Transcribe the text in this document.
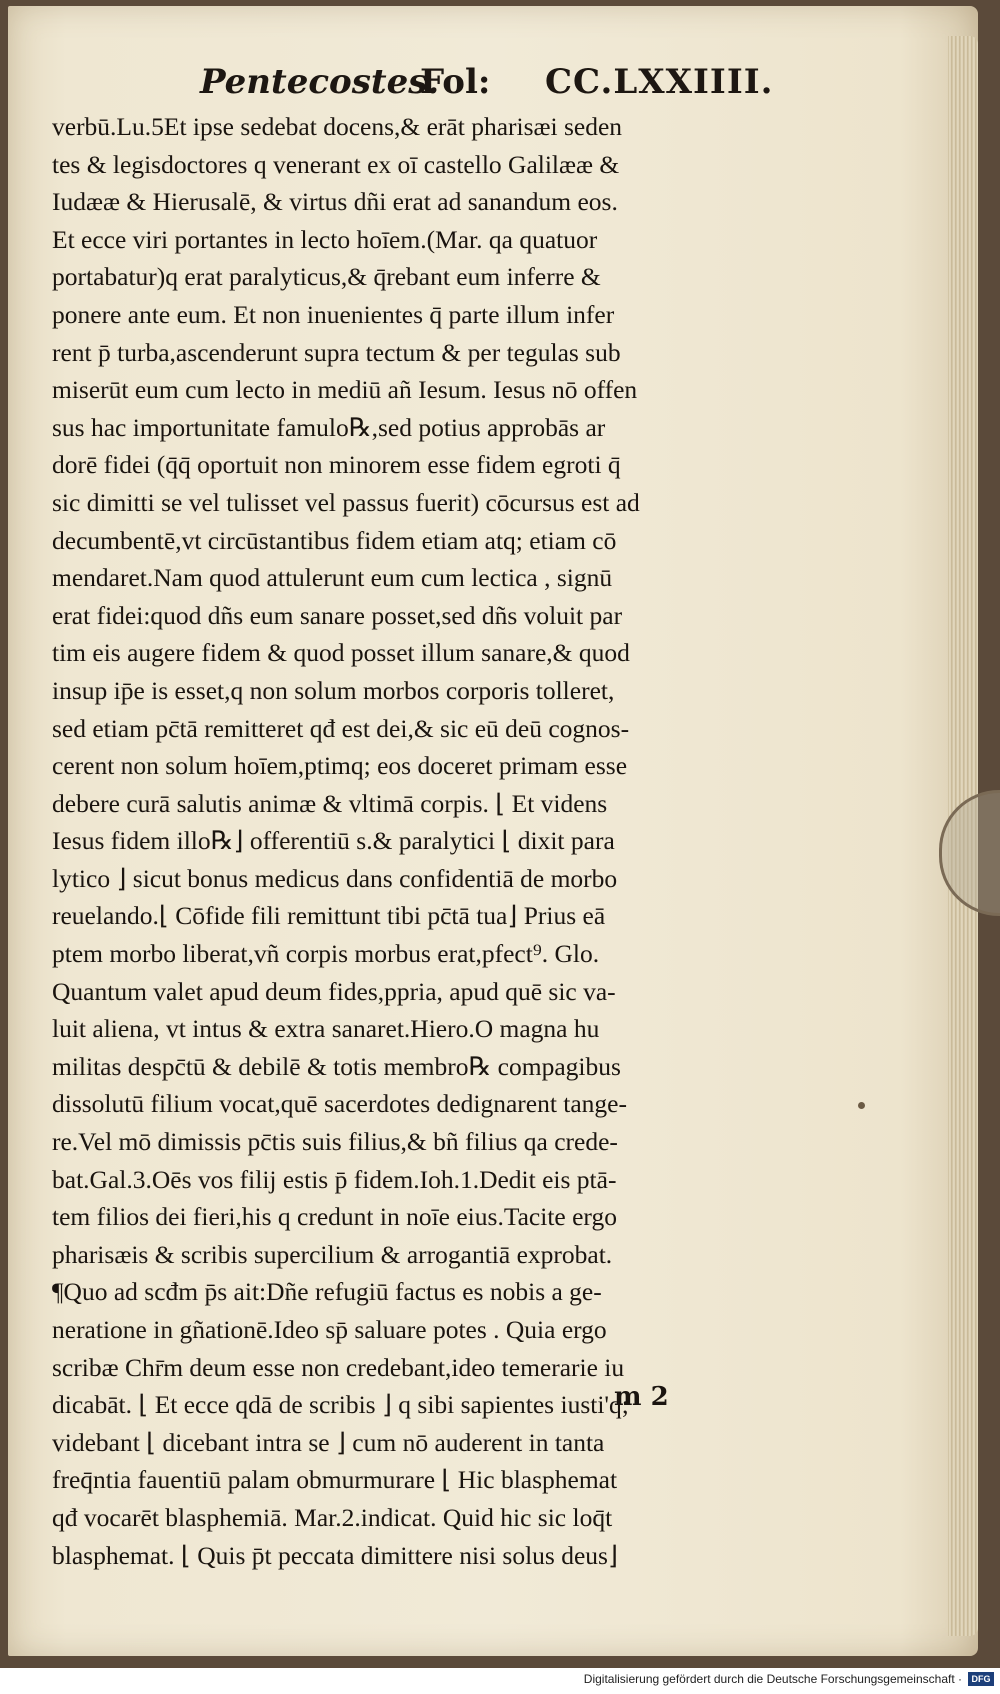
Pentecostes.
Fol: CC.LXXIIII.
verbū.Lu.5Et ipse sedebat docens,& erāt pharisæi seden
tes & legisdoctores q venerant ex oī castello Galilææ &
Iudææ & Hierusalē, & virtus dñi erat ad sanandum eos.
Et ecce viri portantes in lecto hoīem.(Mar. qa quatuor
portabatur)q erat paralyticus,& q̄rebant eum inferre &
ponere ante eum. Et non inuenientes q̄ parte illum infer
rent p̄ turba,ascenderunt supra tectum & per tegulas sub
miserūt eum cum lecto in mediū añ Iesum. Iesus nō offen
sus hac importunitate famulo℞,sed potius approbās ar
dorē fidei (q̄q̄ oportuit non minorem esse fidem egroti q̄
sic dimitti se vel tulisset vel passus fuerit) cōcursus est ad
decumbentē,vt circūstantibus fidem etiam atq; etiam cō
mendaret.Nam quod attulerunt eum cum lectica , signū
erat fidei:quod dñs eum sanare posset,sed dñs voluit par
tim eis augere fidem & quod posset illum sanare,& quod
insup ip̄e is esset,q non solum morbos corporis tolleret,
sed etiam pc̄tā remitteret qđ est dei,& sic eū deū cognos-
cerent non solum hoīem,ptimq; eos doceret primam esse
debere curā salutis animæ & vltimā corpis. ⌊ Et videns
Iesus fidem illo℞⌋ offerentiū s.& paralytici ⌊ dixit para
lytico ⌋ sicut bonus medicus dans confidentiā de morbo
reuelando.⌊ Cōfide fili remittunt tibi pc̄tā tua⌋ Prius eā
ptem morbo liberat,vñ corpis morbus erat,pfect⁹. Glo.
Quantum valet apud deum fides,ppria, apud quē sic va-
luit aliena, vt intus & extra sanaret.Hiero.O magna hu
militas despc̄tū & debilē & totis membro℞ compagibus
dissolutū filium vocat,quē sacerdotes dedignarent tange-
re.Vel mō dimissis pc̄tis suis filius,& bñ filius qa crede-
bat.Gal.3.Oēs vos filij estis p̄ fidem.Ioh.1.Dedit eis ptā-
tem filios dei fieri,his q credunt in noīe eius.Tacite ergo
pharisæis & scribis supercilium & arrogantiā exprobat.
¶Quo ad scđm p̄s ait:Dñe refugiū factus es nobis a ge-
neratione in gñationē.Ideo sp̄ saluare potes . Quia ergo
scribæ Chr̄m deum esse non credebant,ideo temerarie iu
dicabāt. ⌊ Et ecce qdā de scribis ⌋ q sibi sapientes iusti'q;
videbant ⌊ dicebant intra se ⌋ cum nō auderent in tanta
freq̄ntia fauentiū palam obmurmurare ⌊ Hic blasphemat
qđ vocarēt blasphemiā. Mar.2.indicat. Quid hic sic loq̄t
blasphemat. ⌊ Quis p̄t peccata dimittere nisi solus deus⌋
m 2
Digitalisierung gefördert durch die Deutsche Forschungsgemeinschaft ·	DFG
